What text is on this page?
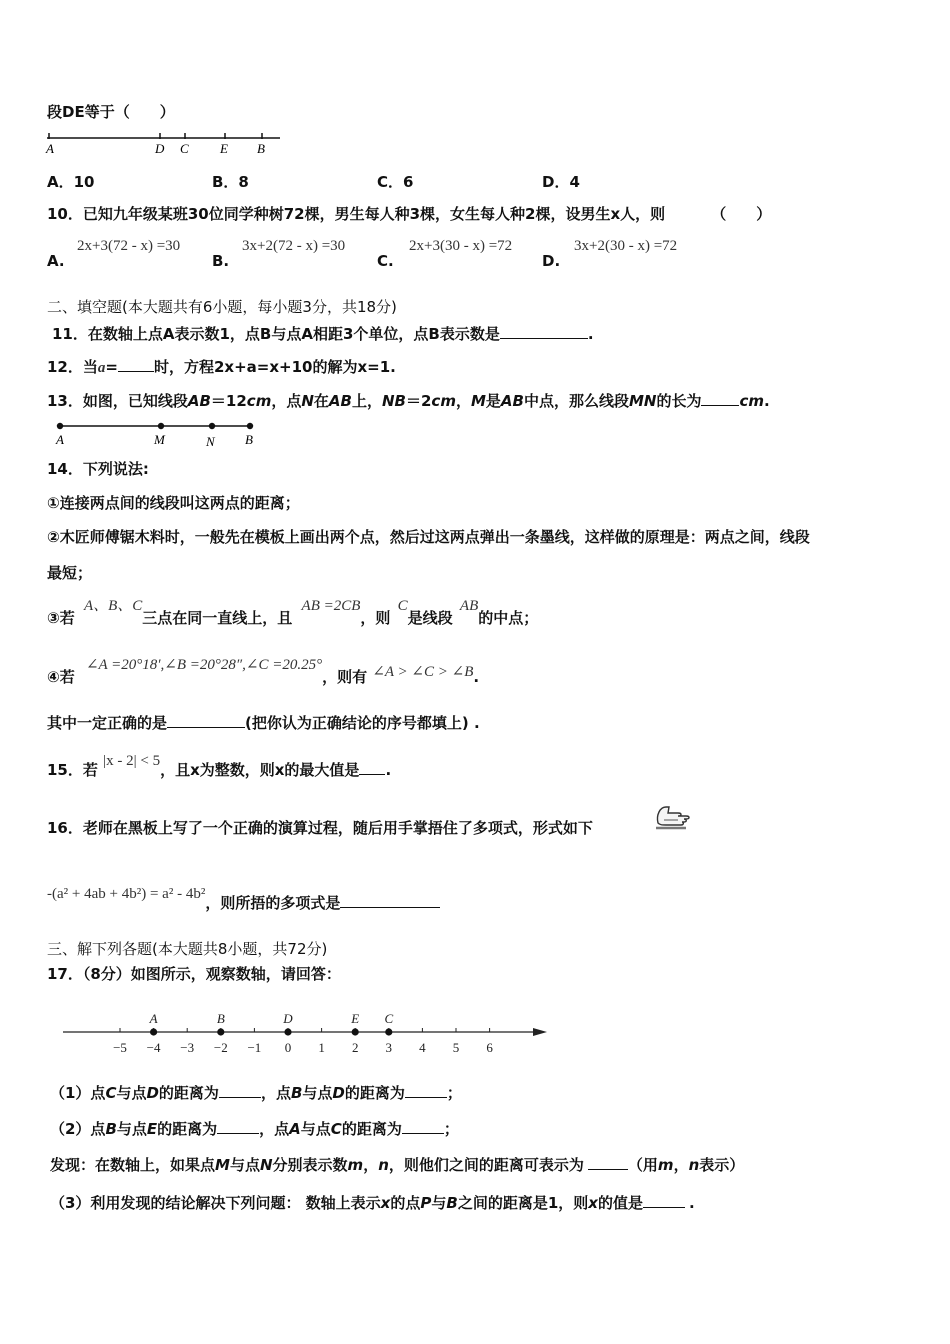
段DE等于（　　）
A	D C E B
A．10	B．8	C．6	D．4
10．已知九年级某班30位同学种树72棵，男生每人种3棵，女生每人种2棵，设男生x人，则	（　　）
A.
2x+3(72 - x) =30
B.
3x+2(72 - x) =30
C.
2x+3(30 - x) =72
D.
3x+2(30 - x) =72
二、填空题(本大题共有6小题，每小题3分，共18分)
11．在数轴上点A表示数1，点B与点A相距3个单位，点B表示数是	.
12．当a= 时，方程2x+a=x+10的解为x=1.
13．如图，已知线段AB＝12cm，点N在AB上，NB＝2cm，M是AB中点，那么线段MN的长为	cm.
A	M	N B
14．下列说法:
①连接两点间的线段叫这两点的距离；
②木匠师傅锯木料时，一般先在模板上画出两个点，然后过这两点弹出一条墨线，这样做的原理是：两点之间，线段
最短；
③若 A、B、C三点在同一直线上，且 AB =2CB，则 C是线段 AB的中点；
④若 ∠A =20°18′,∠B =20°28″,∠C =20.25°，则有 ∠A > ∠C > ∠B.
其中一定正确的是	(把你认为正确结论的序号都填上) .
15．若 |x - 2| < 5，且x为整数，则x的最大值是 .
16．老师在黑板上写了一个正确的演算过程，随后用手掌捂住了多项式，形式如下
-(a² + 4ab + 4b²) = a² - 4b²，则所捂的多项式是
三、解下列各题(本大题共8小题，共72分)
17．（8分）如图所示，观察数轴，请回答：
−5 −4 −3 −2 −1 0 1 2 3 4 5 6
A	B	D	E C
（1）点C与点D的距离为	，点B与点D的距离为	；
（2）点B与点E的距离为	，点A与点C的距离为	；
发现：在数轴上，如果点M与点N分别表示数m，n，则他们之间的距离可表示为	（用m，n表示）
（3）利用发现的结论解决下列问题： 数轴上表示x的点P与B之间的距离是1，则x的值是	.
